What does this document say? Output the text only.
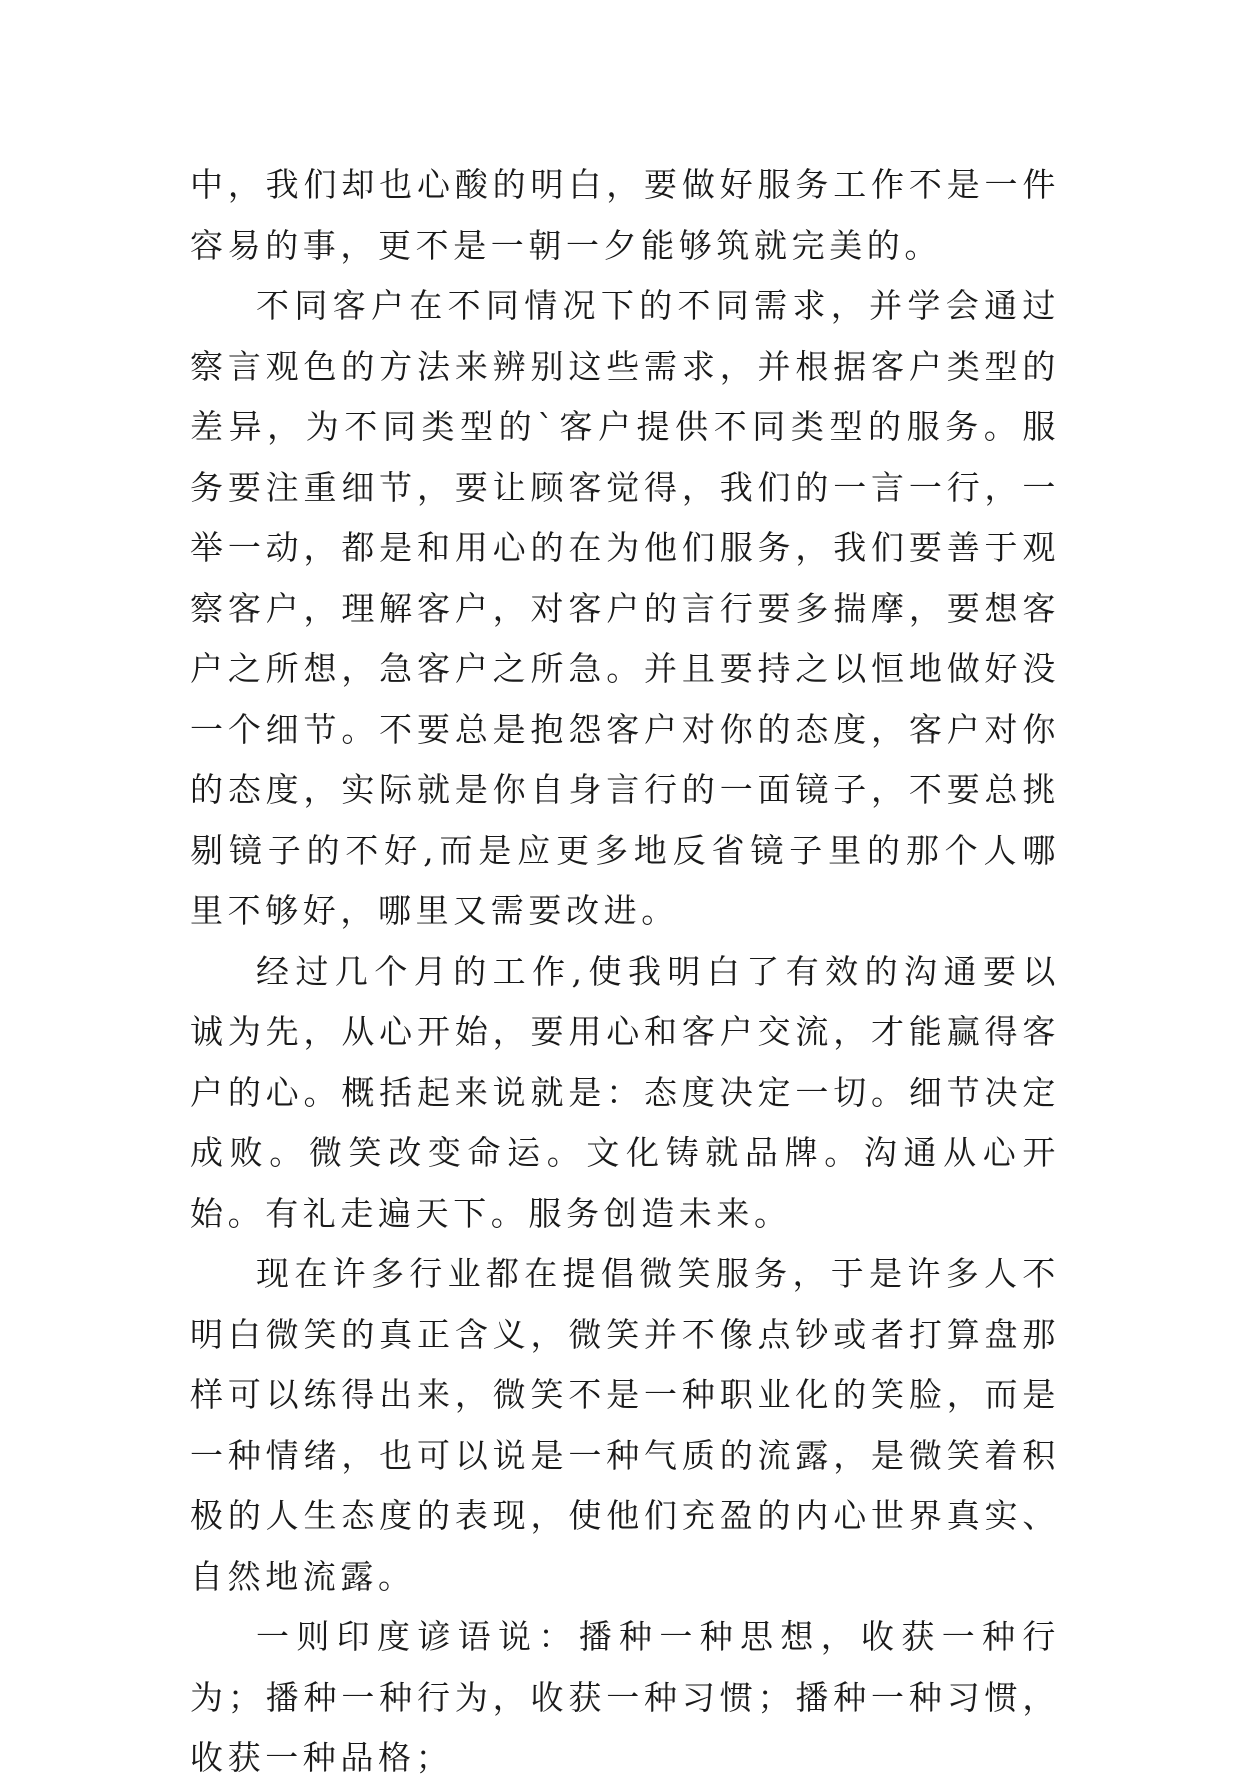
中，我们却也心酸的明白，要做好服务工作不是一件容易的事，更不是一朝一夕能够筑就完美的。

不同客户在不同情况下的不同需求，并学会通过察言观色的方法来辨别这些需求，并根据客户类型的差异，为不同类型的`客户提供不同类型的服务。服务要注重细节，要让顾客觉得，我们的一言一行，一举一动，都是和用心的在为他们服务，我们要善于观察客户，理解客户，对客户的言行要多揣摩，要想客户之所想，急客户之所急。并且要持之以恒地做好没一个细节。不要总是抱怨客户对你的态度，客户对你的态度，实际就是你自身言行的一面镜子，不要总挑剔镜子的不好,而是应更多地反省镜子里的那个人哪里不够好，哪里又需要改进。

经过几个月的工作,使我明白了有效的沟通要以诚为先，从心开始，要用心和客户交流，才能赢得客户的心。概括起来说就是：态度决定一切。细节决定成败。微笑改变命运。文化铸就品牌。沟通从心开始。有礼走遍天下。服务创造未来。

现在许多行业都在提倡微笑服务，于是许多人不明白微笑的真正含义，微笑并不像点钞或者打算盘那样可以练得出来，微笑不是一种职业化的笑脸，而是一种情绪，也可以说是一种气质的流露，是微笑着积极的人生态度的表现，使他们充盈的内心世界真实、自然地流露。

一则印度谚语说：播种一种思想，收获一种行为；播种一种行为，收获一种习惯；播种一种习惯，收获一种品格；
